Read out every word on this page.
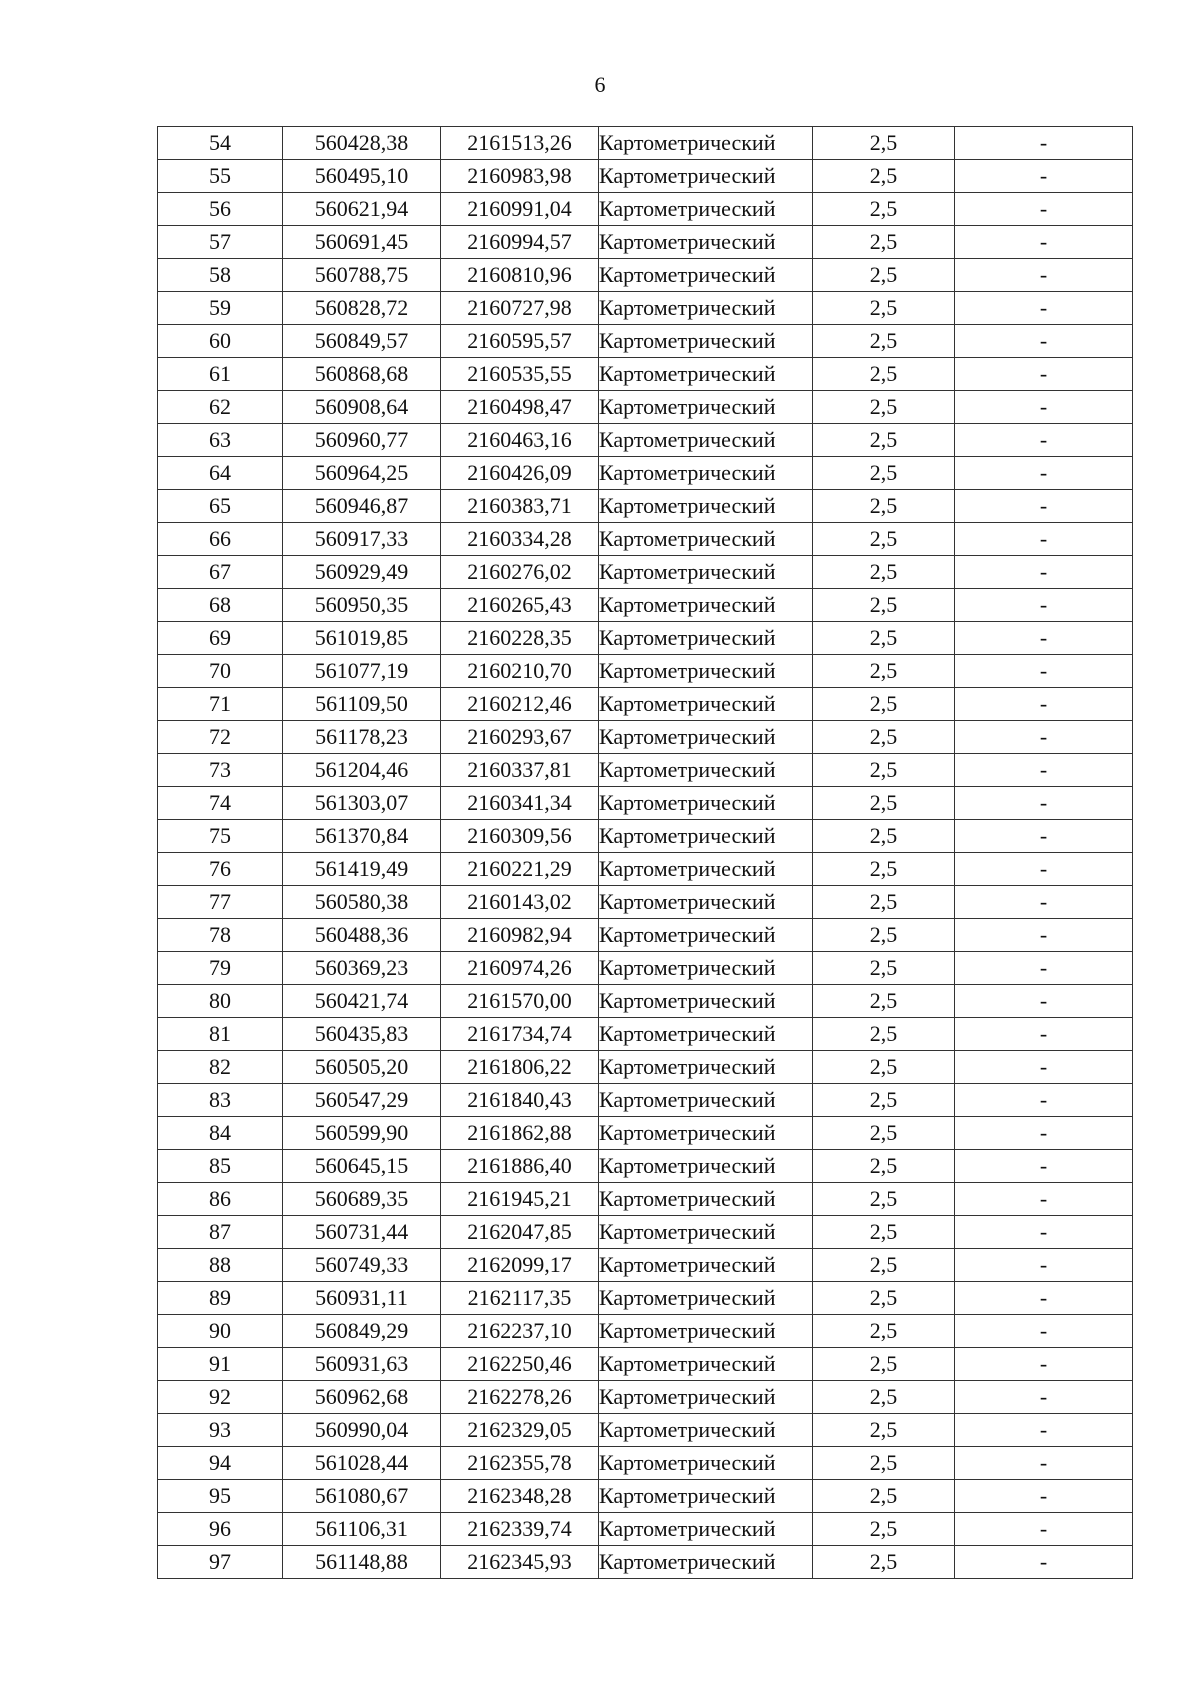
6
54	560428,38	2161513,26	Картометрический	2,5	-
55	560495,10	2160983,98	Картометрический	2,5	-
56	560621,94	2160991,04	Картометрический	2,5	-
57	560691,45	2160994,57	Картометрический	2,5	-
58	560788,75	2160810,96	Картометрический	2,5	-
59	560828,72	2160727,98	Картометрический	2,5	-
60	560849,57	2160595,57	Картометрический	2,5	-
61	560868,68	2160535,55	Картометрический	2,5	-
62	560908,64	2160498,47	Картометрический	2,5	-
63	560960,77	2160463,16	Картометрический	2,5	-
64	560964,25	2160426,09	Картометрический	2,5	-
65	560946,87	2160383,71	Картометрический	2,5	-
66	560917,33	2160334,28	Картометрический	2,5	-
67	560929,49	2160276,02	Картометрический	2,5	-
68	560950,35	2160265,43	Картометрический	2,5	-
69	561019,85	2160228,35	Картометрический	2,5	-
70	561077,19	2160210,70	Картометрический	2,5	-
71	561109,50	2160212,46	Картометрический	2,5	-
72	561178,23	2160293,67	Картометрический	2,5	-
73	561204,46	2160337,81	Картометрический	2,5	-
74	561303,07	2160341,34	Картометрический	2,5	-
75	561370,84	2160309,56	Картометрический	2,5	-
76	561419,49	2160221,29	Картометрический	2,5	-
77	560580,38	2160143,02	Картометрический	2,5	-
78	560488,36	2160982,94	Картометрический	2,5	-
79	560369,23	2160974,26	Картометрический	2,5	-
80	560421,74	2161570,00	Картометрический	2,5	-
81	560435,83	2161734,74	Картометрический	2,5	-
82	560505,20	2161806,22	Картометрический	2,5	-
83	560547,29	2161840,43	Картометрический	2,5	-
84	560599,90	2161862,88	Картометрический	2,5	-
85	560645,15	2161886,40	Картометрический	2,5	-
86	560689,35	2161945,21	Картометрический	2,5	-
87	560731,44	2162047,85	Картометрический	2,5	-
88	560749,33	2162099,17	Картометрический	2,5	-
89	560931,11	2162117,35	Картометрический	2,5	-
90	560849,29	2162237,10	Картометрический	2,5	-
91	560931,63	2162250,46	Картометрический	2,5	-
92	560962,68	2162278,26	Картометрический	2,5	-
93	560990,04	2162329,05	Картометрический	2,5	-
94	561028,44	2162355,78	Картометрический	2,5	-
95	561080,67	2162348,28	Картометрический	2,5	-
96	561106,31	2162339,74	Картометрический	2,5	-
97	561148,88	2162345,93	Картометрический	2,5	-
